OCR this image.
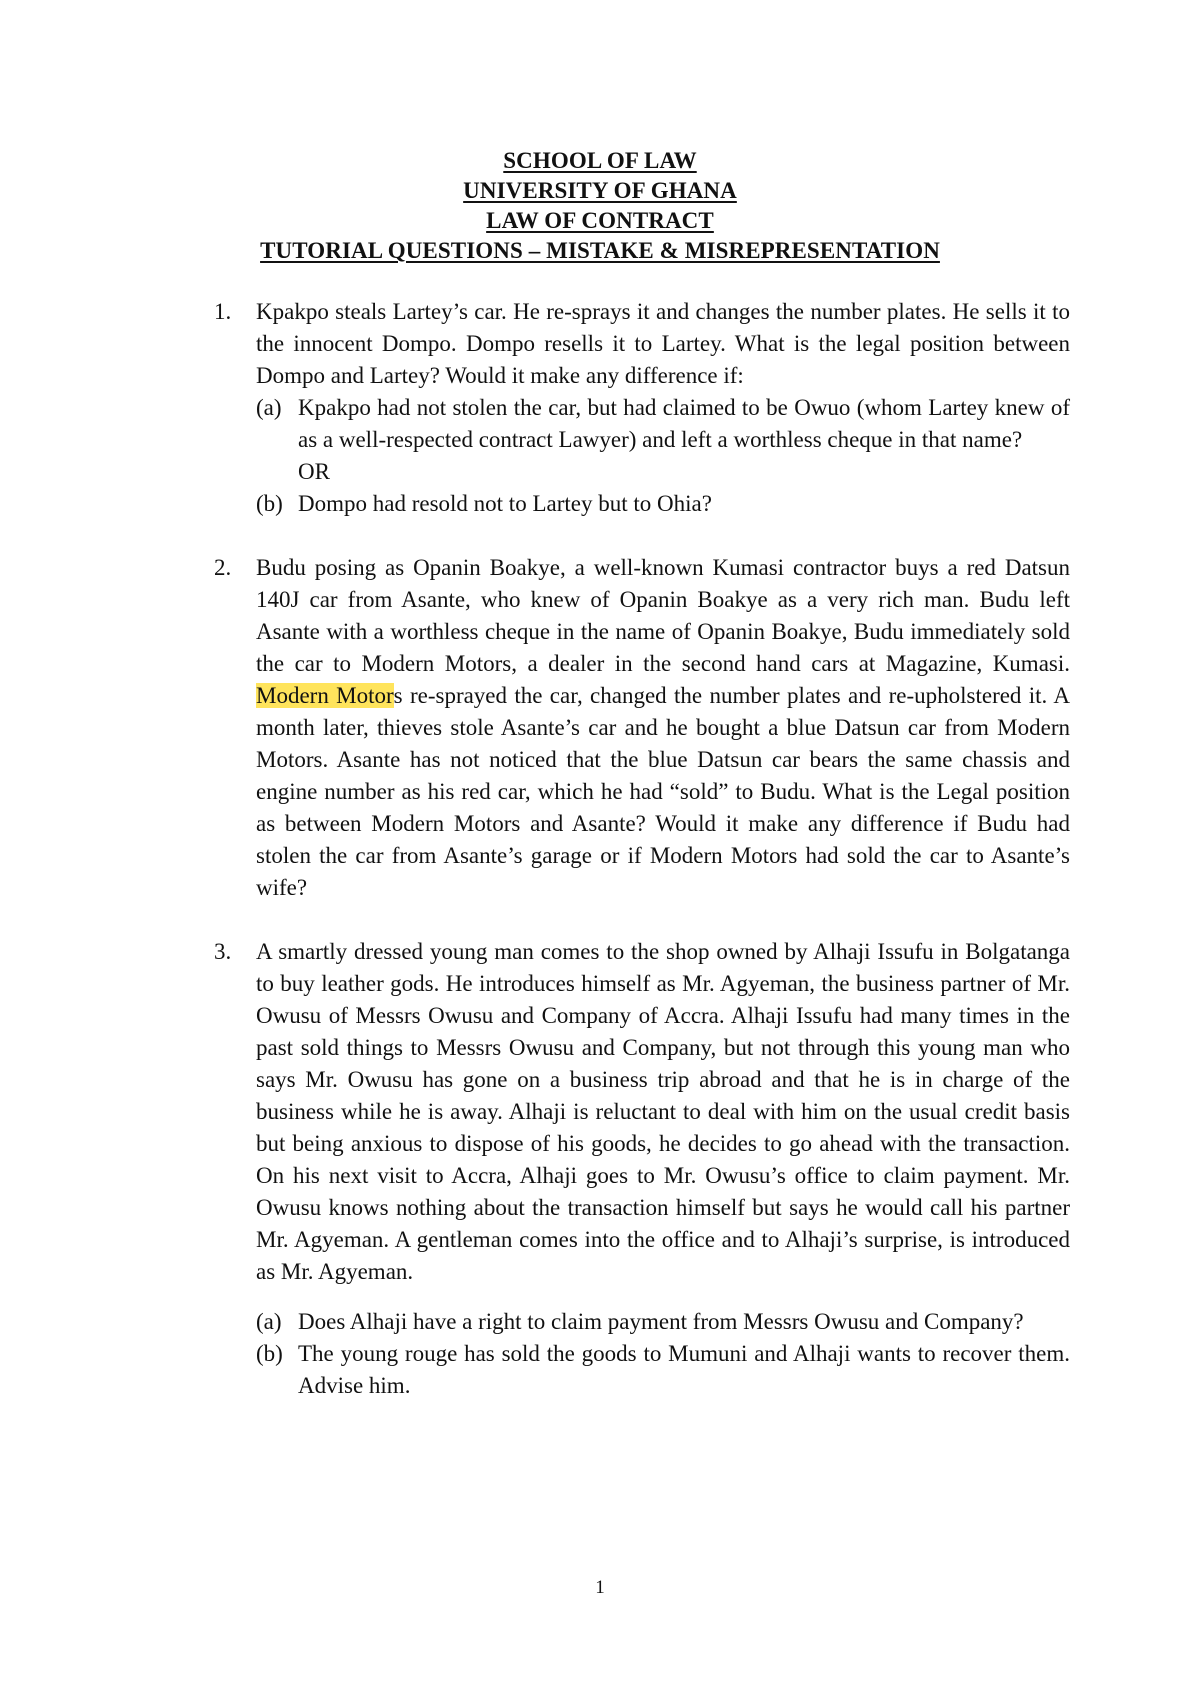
SCHOOL OF LAW
UNIVERSITY OF GHANA
LAW OF CONTRACT
TUTORIAL QUESTIONS – MISTAKE & MISREPRESENTATION
1. Kpakpo steals Lartey’s car. He re-sprays it and changes the number plates. He sells it to the innocent Dompo. Dompo resells it to Lartey. What is the legal position between Dompo and Lartey? Would it make any difference if:

(a) Kpakpo had not stolen the car, but had claimed to be Owuo (whom Lartey knew of as a well-respected contract Lawyer) and left a worthless cheque in that name?
OR
(b) Dompo had resold not to Lartey but to Ohia?
2. Budu posing as Opanin Boakye, a well-known Kumasi contractor buys a red Datsun 140J car from Asante, who knew of Opanin Boakye as a very rich man. Budu left Asante with a worthless cheque in the name of Opanin Boakye, Budu immediately sold the car to Modern Motors, a dealer in the second hand cars at Magazine, Kumasi. Modern Motors re-sprayed the car, changed the number plates and re-upholstered it. A month later, thieves stole Asante’s car and he bought a blue Datsun car from Modern Motors. Asante has not noticed that the blue Datsun car bears the same chassis and engine number as his red car, which he had “sold” to Budu. What is the Legal position as between Modern Motors and Asante? Would it make any difference if Budu had stolen the car from Asante’s garage or if Modern Motors had sold the car to Asante’s wife?

3. A smartly dressed young man comes to the shop owned by Alhaji Issufu in Bolgatanga to buy leather gods. He introduces himself as Mr. Agyeman, the business partner of Mr. Owusu of Messrs Owusu and Company of Accra. Alhaji Issufu had many times in the past sold things to Messrs Owusu and Company, but not through this young man who says Mr. Owusu has gone on a business trip abroad and that he is in charge of the business while he is away. Alhaji is reluctant to deal with him on the usual credit basis but being anxious to dispose of his goods, he decides to go ahead with the transaction. On his next visit to Accra, Alhaji goes to Mr. Owusu’s office to claim payment. Mr. Owusu knows nothing about the transaction himself but says he would call his partner Mr. Agyeman. A gentleman comes into the office and to Alhaji’s surprise, is introduced as Mr. Agyeman.

(a) Does Alhaji have a right to claim payment from Messrs Owusu and Company?
(b) The young rouge has sold the goods to Mumuni and Alhaji wants to recover them. Advise him.
1
